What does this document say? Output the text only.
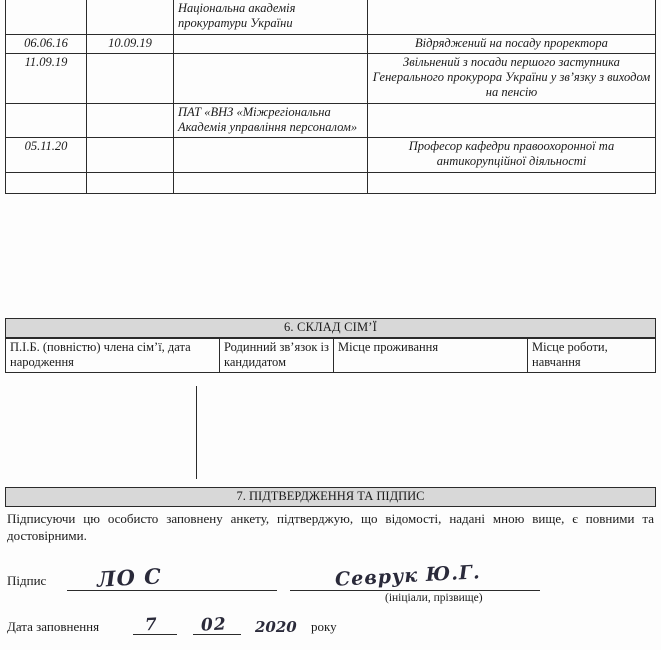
		Національна академія прокуратури України	
06.06.16	10.09.19		Відряджений на посаду проректора
11.09.19			Звільнений з посади першого заступника Генерального прокурора України у зв’язку з виходом на пенсію
		ПАТ «ВНЗ «Міжрегіональна Академія управління персоналом»	
05.11.20			Професор кафедри правоохоронної та антикорупційної діяльності

6. СКЛАД СІМ’Ї
П.І.Б. (повністю) члена сім’ї, дата народження	Родинний зв’язок із кандидатом	Місце проживання	Місце роботи, навчання
7. ПІДТВЕРДЖЕННЯ ТА ПІДПИС
Підписуючи цю особисто заповнену анкету, підтверджую, що відомості, надані мною вище, є повними та достовірними.
Підпис ЛО С	Севрук Ю.Г.
(ініціали, прізвище)
Дата заповнення	7 02 2020 року
